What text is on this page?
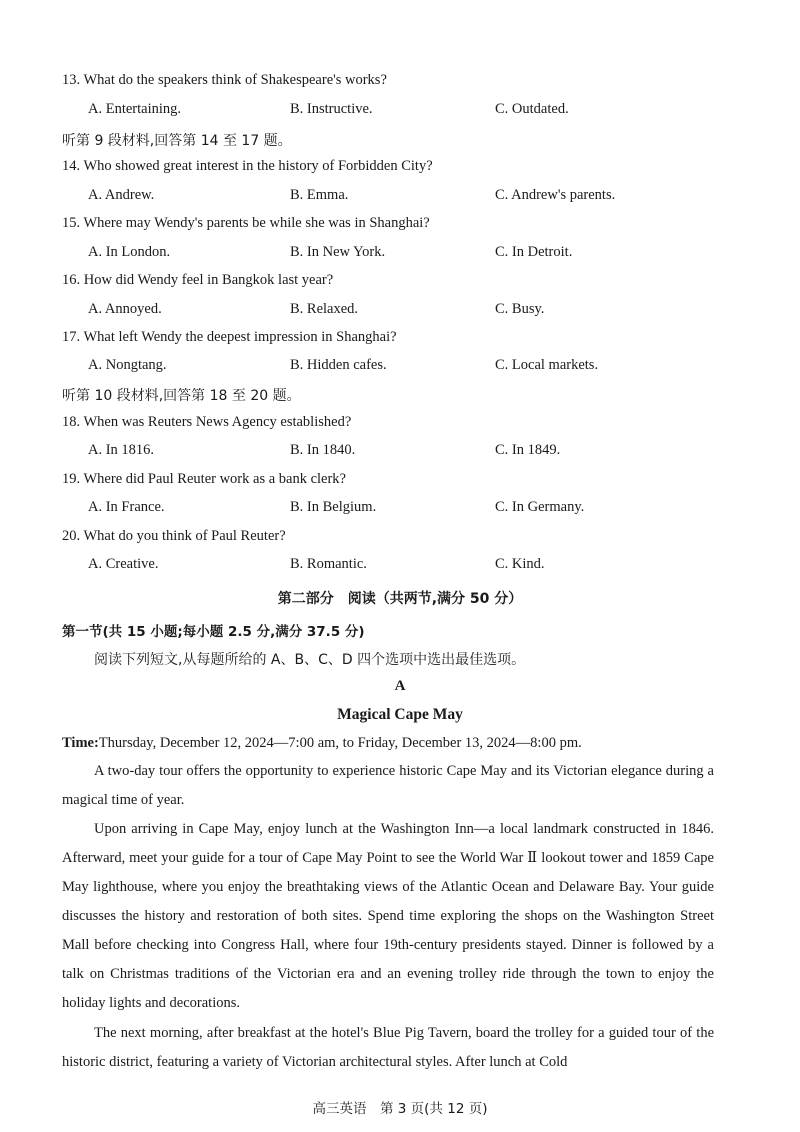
13. What do the speakers think of Shakespeare's works?
A. Entertaining.	B. Instructive.	C. Outdated.
听第 9 段材料,回答第 14 至 17 题。
14. Who showed great interest in the history of Forbidden City?
A. Andrew.	B. Emma.	C. Andrew's parents.
15. Where may Wendy's parents be while she was in Shanghai?
A. In London.	B. In New York.	C. In Detroit.
16. How did Wendy feel in Bangkok last year?
A. Annoyed.	B. Relaxed.	C. Busy.
17. What left Wendy the deepest impression in Shanghai?
A. Nongtang.	B. Hidden cafes.	C. Local markets.
听第 10 段材料,回答第 18 至 20 题。
18. When was Reuters News Agency established?
A. In 1816.	B. In 1840.	C. In 1849.
19. Where did Paul Reuter work as a bank clerk?
A. In France.	B. In Belgium.	C. In Germany.
20. What do you think of Paul Reuter?
A. Creative.	B. Romantic.	C. Kind.
第二部分　阅读（共两节,满分 50 分）
第一节(共 15 小题;每小题 2.5 分,满分 37.5 分)
阅读下列短文,从每题所给的 A、B、C、D 四个选项中选出最佳选项。
A
Magical Cape May
Time:Thursday, December 12, 2024—7:00 am, to Friday, December 13, 2024—8:00 pm.
A two-day tour offers the opportunity to experience historic Cape May and its Victorian elegance during a magical time of year.
Upon arriving in Cape May, enjoy lunch at the Washington Inn—a local landmark constructed in 1846. Afterward, meet your guide for a tour of Cape May Point to see the World War Ⅱ lookout tower and 1859 Cape May lighthouse, where you enjoy the breathtaking views of the Atlantic Ocean and Delaware Bay. Your guide discusses the history and restoration of both sites. Spend time exploring the shops on the Washington Street Mall before checking into Congress Hall, where four 19th-century presidents stayed. Dinner is followed by a talk on Christmas traditions of the Victorian era and an evening trolley ride through the town to enjoy the holiday lights and decorations.
The next morning, after breakfast at the hotel's Blue Pig Tavern, board the trolley for a guided tour of the historic district, featuring a variety of Victorian architectural styles. After lunch at Cold
高三英语　第 3 页(共 12 页)
